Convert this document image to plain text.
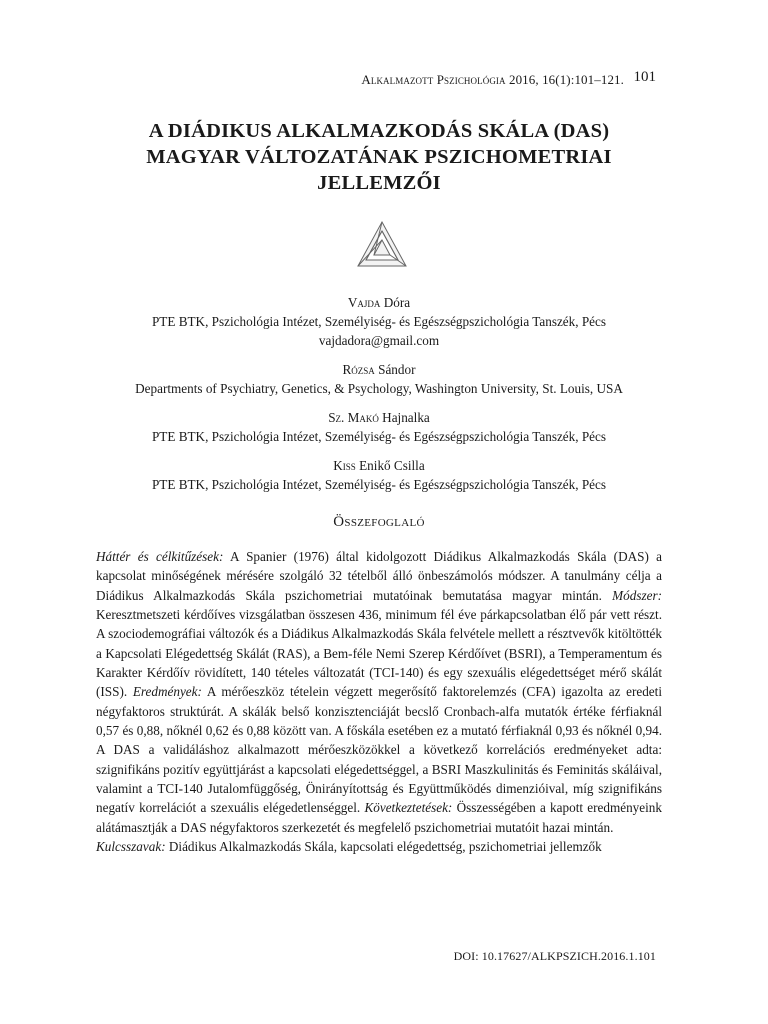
Alkalmazott Pszichológia 2016, 16(1):101–121. 101
A DIÁDIKUS ALKALMAZKODÁS SKÁLA (DAS)
MAGYAR VÁLTOZATÁNAK PSZICHOMETRIAI
JELLEMZŐI
Vajda Dóra
PTE BTK, Pszichológia Intézet, Személyiség- és Egészségpszichológia Tanszék, Pécs
vajdadora@gmail.com
Rózsa Sándor
Departments of Psychiatry, Genetics, & Psychology, Washington University, St. Louis, USA
Sz. Makó Hajnalka
PTE BTK, Pszichológia Intézet, Személyiség- és Egészségpszichológia Tanszék, Pécs
Kiss Enikő Csilla
PTE BTK, Pszichológia Intézet, Személyiség- és Egészségpszichológia Tanszék, Pécs
Összefoglaló

Háttér és célkitűzések: A Spanier (1976) által kidolgozott Diádikus Alkalmazkodás Skála (DAS) a kapcsolat minőségének mérésére szolgáló 32 tételből álló önbeszámolós módszer. A tanulmány célja a Diádikus Alkalmazkodás Skála pszichometriai mutatóinak bemutatása magyar mintán. Módszer: Keresztmetszeti kérdőíves vizsgálatban összesen 436, minimum fél éve párkapcsolatban élő pár vett részt. A szociodemográfiai változók és a Diádikus Alkalmazkodás Skála felvétele mellett a résztvevők kitöltötték a Kapcsolati Elégedettség Skálát (RAS), a Bem-féle Nemi Szerep Kérdőívet (BSRI), a Temperamentum és Karakter Kérdőív rövidített, 140 tételes változatát (TCI-140) és egy szexuális elégedettséget mérő skálát (ISS). Eredmények: A mérőeszköz tételein végzett megerősítő faktorelemzés (CFA) igazolta az eredeti négyfaktoros struktúrát. A skálák belső konzisztenciáját becslő Cronbach-alfa mutatók értéke férfiaknál 0,57 és 0,88, nőknél 0,62 és 0,88 között van. A főskála esetében ez a mutató férfiaknál 0,93 és nőknél 0,94. A DAS a validáláshoz alkalmazott mérőeszközökkel a következő korrelációs eredményeket adta: szignifikáns pozitív együttjárást a kapcsolati elégedettséggel, a BSRI Maszkulinitás és Feminitás skáláival, valamint a TCI-140 Jutalomfüggőség, Önirányítottság és Együttműködés dimenzióival, míg szignifikáns negatív korrelációt a szexuális elégedetlenséggel. Következtetések: Összességében a kapott eredményeink alátámasztják a DAS négyfaktoros szerkezetét és megfelelő pszichometriai mutatóit hazai mintán.

Kulcsszavak: Diádikus Alkalmazkodás Skála, kapcsolati elégedettség, pszichometriai jellemzők

DOI: 10.17627/ALKPSZICH.2016.1.101
